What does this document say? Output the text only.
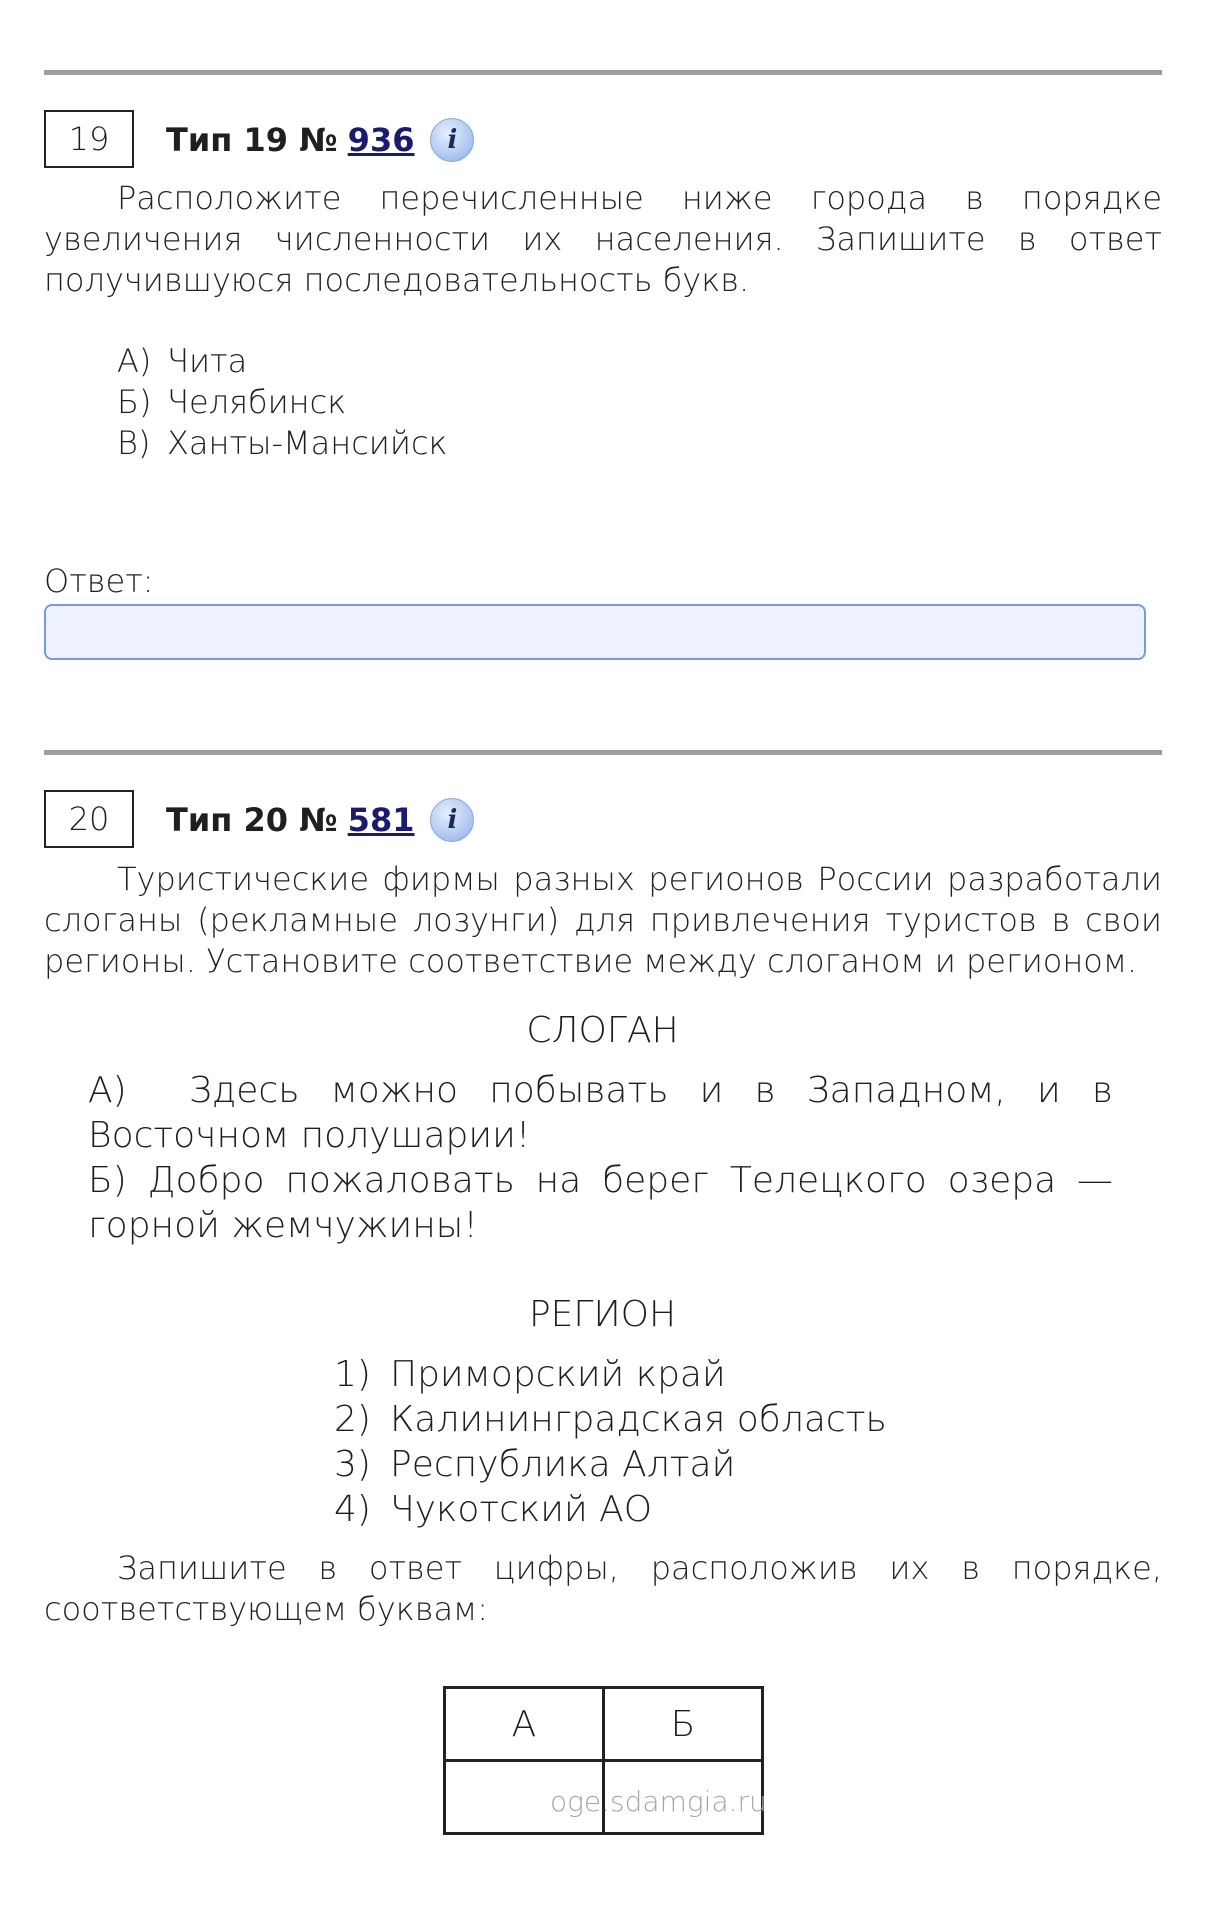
19	Тип 19 № 936	i
Расположите перечисленные ниже города в порядке увеличения численности их населения. Запишите в ответ получившуюся последовательность букв.
А) Чита
Б) Челябинск
В) Ханты-Мансийск
Ответ:
20	Тип 20 № 581	i
Туристические фирмы разных регионов России разработали слоганы (рекламные лозунги) для привлечения туристов в свои регионы. Установите соответствие между слоганом и регионом.
СЛОГАН
А) Здесь можно побывать и в Западном, и в Восточном полушарии!
Б) Добро пожаловать на берег Телецкого озера — горной жемчужины!
РЕГИОН
1) Приморский край
2) Калининградская область
3) Республика Алтай
4) Чукотский АО
Запишите в ответ цифры, расположив их в порядке, соответствующем буквам:
А	Б

oge.sdamgia.ru
